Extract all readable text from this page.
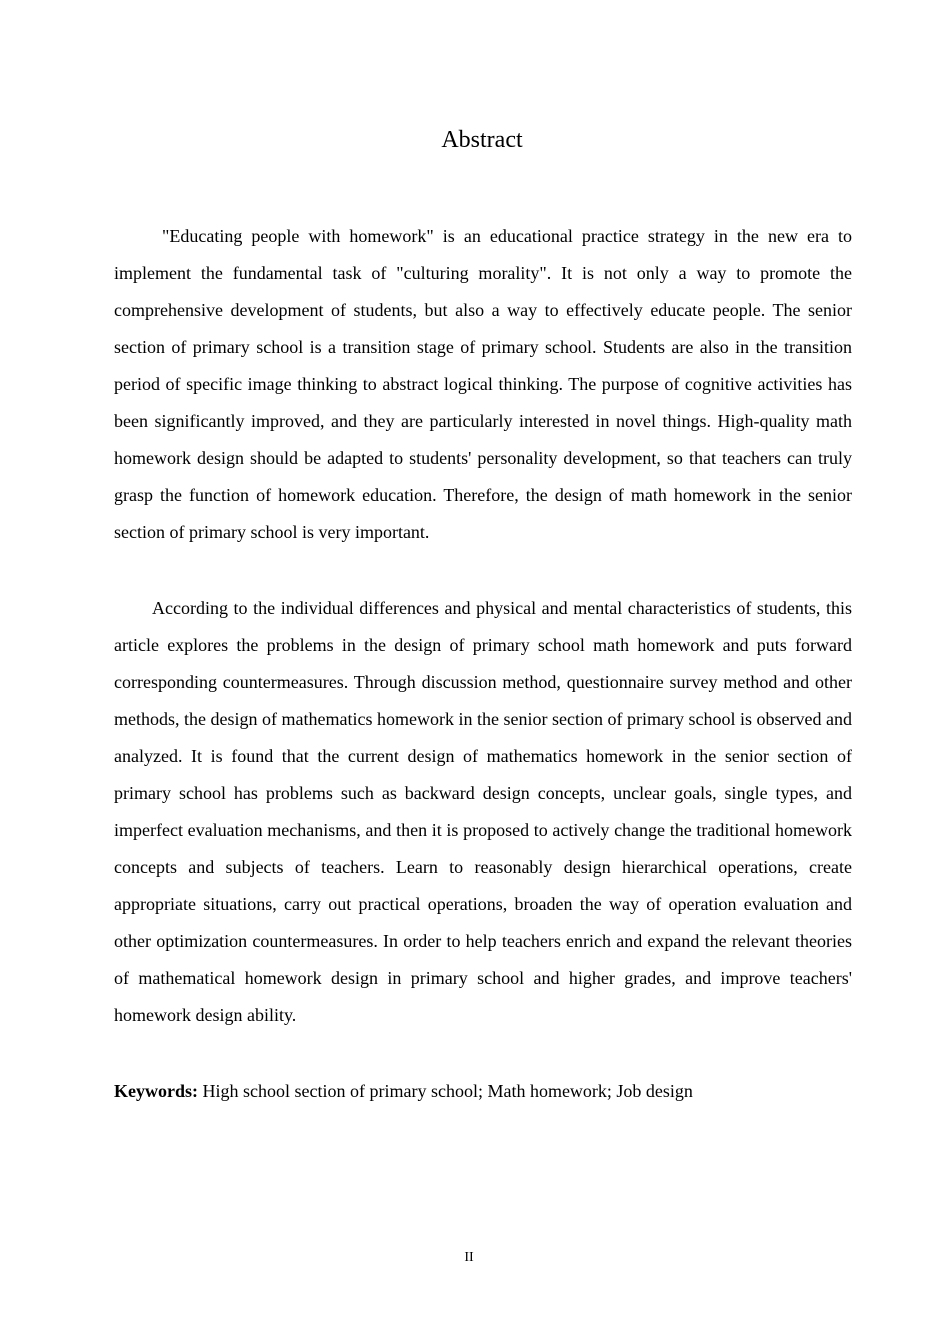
Abstract
"Educating people with homework" is an educational practice strategy in the new era to implement the fundamental task of "culturing morality". It is not only a way to promote the comprehensive development of students, but also a way to effectively educate people. The senior section of primary school is a transition stage of primary school. Students are also in the transition period of specific image thinking to abstract logical thinking. The purpose of cognitive activities has been significantly improved, and they are particularly interested in novel things. High-quality math homework design should be adapted to students' personality development, so that teachers can truly grasp the function of homework education. Therefore, the design of math homework in the senior section of primary school is very important.
According to the individual differences and physical and mental characteristics of students, this article explores the problems in the design of primary school math homework and puts forward corresponding countermeasures. Through discussion method, questionnaire survey method and other methods, the design of mathematics homework in the senior section of primary school is observed and analyzed. It is found that the current design of mathematics homework in the senior section of primary school has problems such as backward design concepts, unclear goals, single types, and imperfect evaluation mechanisms, and then it is proposed to actively change the traditional homework concepts and subjects of teachers. Learn to reasonably design hierarchical operations, create appropriate situations, carry out practical operations, broaden the way of operation evaluation and other optimization countermeasures. In order to help teachers enrich and expand the relevant theories of mathematical homework design in primary school and higher grades, and improve teachers' homework design ability.
Keywords: High school section of primary school; Math homework; Job design
II
